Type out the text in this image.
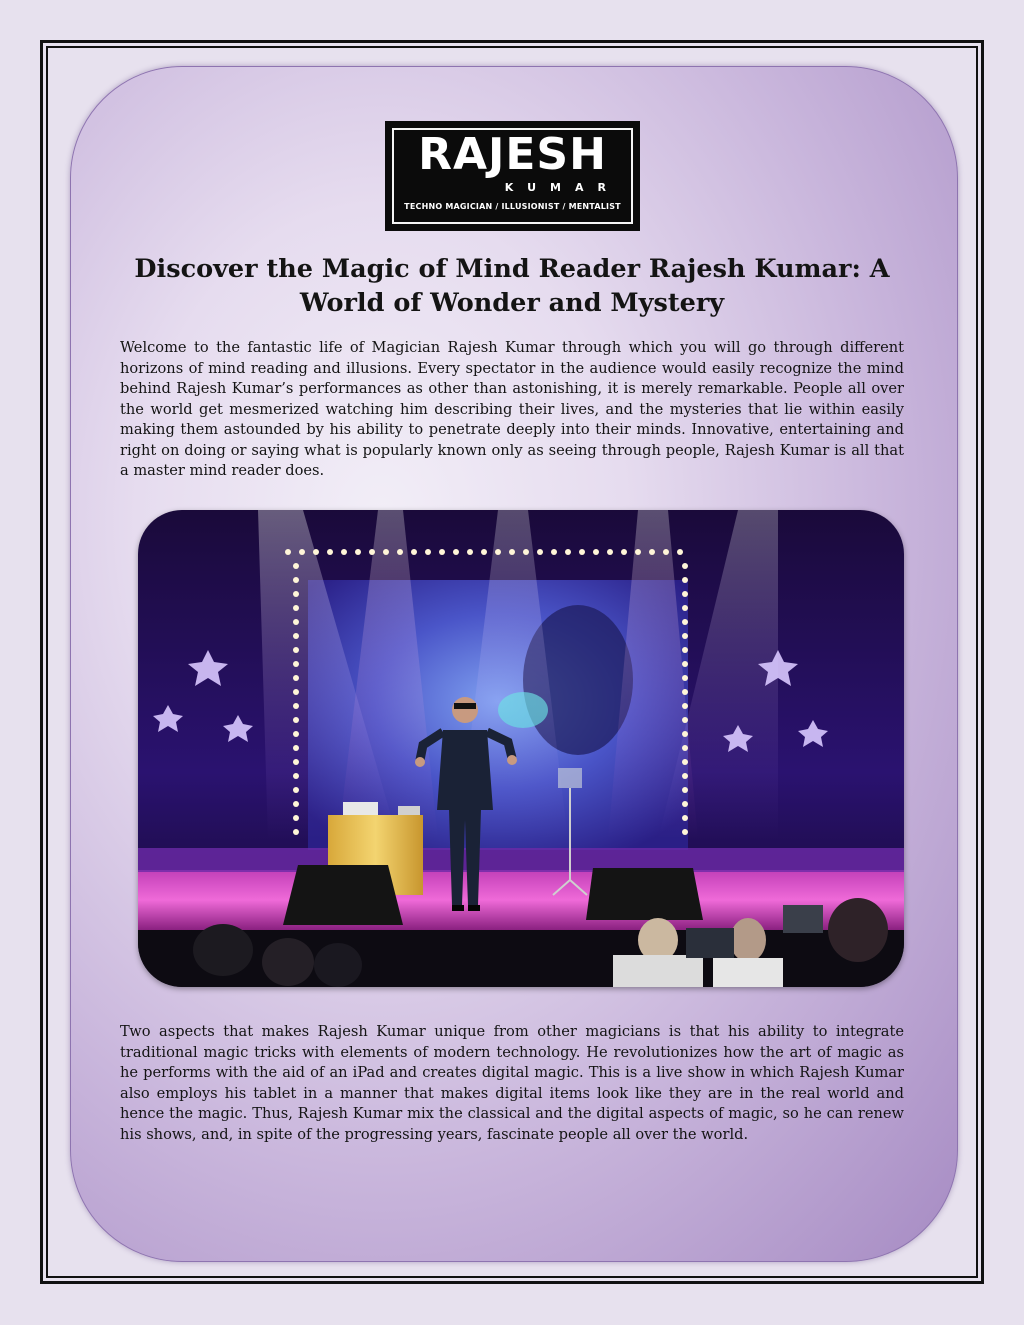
RAJESH
KUMAR
TECHNO MAGICIAN / ILLUSIONIST / MENTALIST
Discover the Magic of Mind Reader Rajesh Kumar: A World of Wonder and Mystery

Welcome to the fantastic life of Magician Rajesh Kumar through which you will go through different horizons of mind reading and illusions. Every spectator in the audience would easily recognize the mind behind Rajesh Kumar’s performances as other than astonishing, it is merely remarkable. People all over the world get mesmerized watching him describing their lives, and the mysteries that lie within easily making them astounded by his ability to penetrate deeply into their minds. Innovative, entertaining and right on doing or saying what is popularly known only as seeing through people, Rajesh Kumar is all that a master mind reader does.

Two aspects that makes Rajesh Kumar unique from other magicians is that his ability to integrate traditional magic tricks with elements of modern technology. He revolutionizes how the art of magic as he performs with the aid of an iPad and creates digital magic. This is a live show in which Rajesh Kumar also employs his tablet in a manner that makes digital items look like they are in the real world and hence the magic. Thus, Rajesh Kumar mix the classical and the digital aspects of magic, so he can renew his shows, and, in spite of the progressing years, fascinate people all over the world.
